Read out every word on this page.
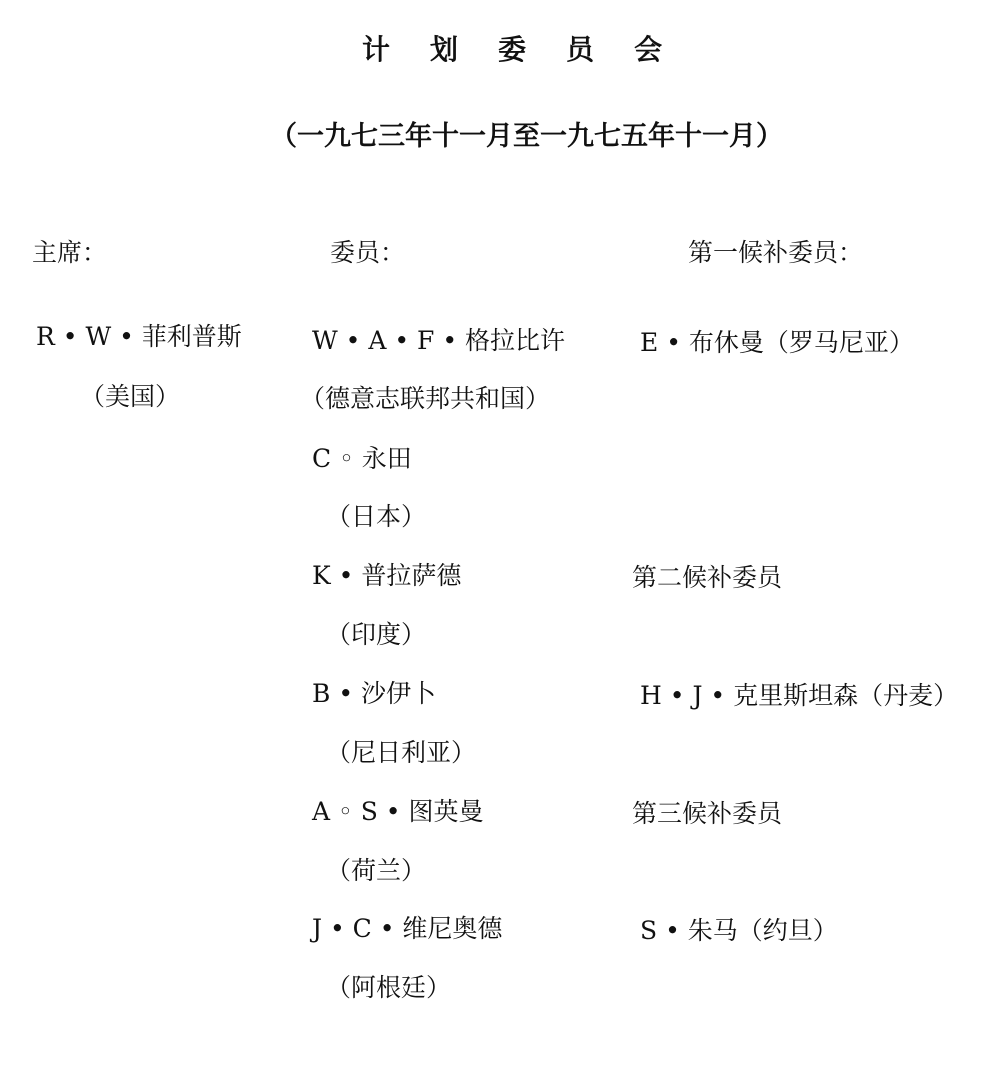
计 划 委 员 会
（一九七三年十一月至一九七五年十一月）
主席：	委员：	第一候补委员：
R • W • 菲利普斯
（美国）
W • A • F • 格拉比许
（德意志联邦共和国）
C ◦ 永田
（日本）
K • 普拉萨德
（印度）
B • 沙伊卜
（尼日利亚）
A ◦ S • 图英曼
（荷兰）
J • C • 维尼奥德
（阿根廷）
E • 布休曼（罗马尼亚）
第二候补委员
H • J • 克里斯坦森（丹麦）
第三候补委员
S • 朱马（约旦）
